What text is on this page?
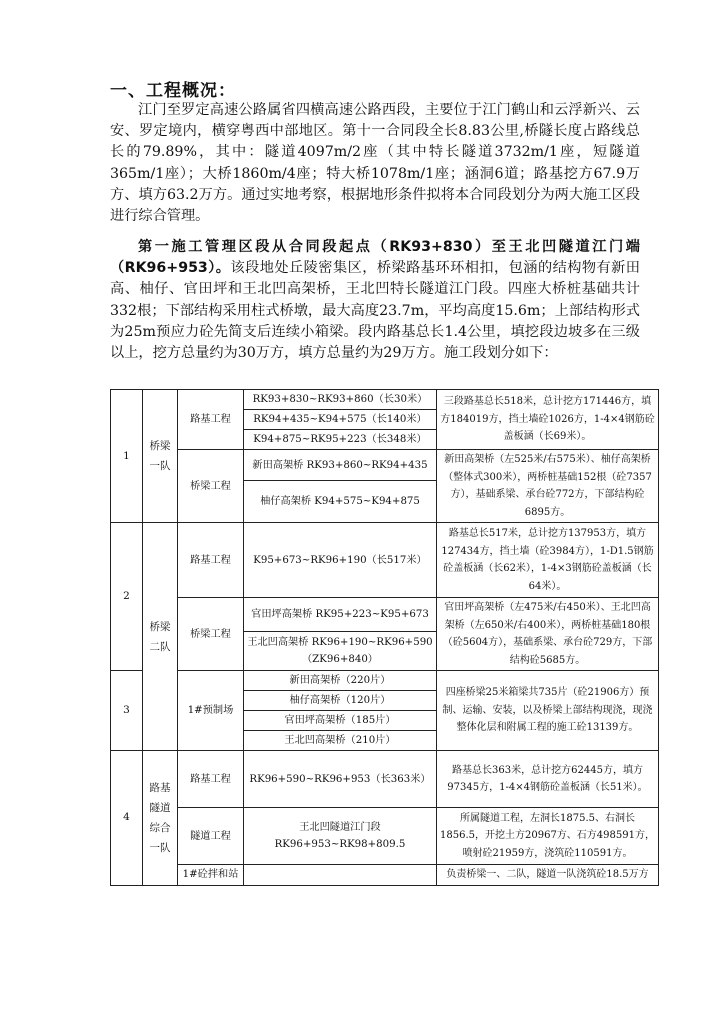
一、工程概况：
江门至罗定高速公路属省四横高速公路西段，主要位于江门鹤山和云浮新兴、云安、罗定境内，横穿粤西中部地区。第十一合同段全长8.83公里,桥隧长度占路线总长的79.89%，其中：隧道4097m/2座（其中特长隧道3732m/1座，短隧道365m/1座）；大桥1860m/4座；特大桥1078m/1座；涵洞6道；路基挖方67.9万方、填方63.2万方。通过实地考察，根据地形条件拟将本合同段划分为两大施工区段进行综合管理。
第一施工管理区段从合同段起点（RK93+830）至王北凹隧道江门端（RK96+953）。该段地处丘陵密集区，桥梁路基环环相扣，包涵的结构物有新田高、柚仔、官田坪和王北凹高架桥，王北凹特长隧道江门段。四座大桥桩基础共计332根；下部结构采用柱式桥墩，最大高度23.7m，平均高度15.6m；上部结构形式为25m预应力砼先简支后连续小箱梁。段内路基总长1.4公里，填挖段边坡多在三级以上，挖方总量约为30万方，填方总量约为29万方。施工段划分如下：
1	桥梁一队	路基工程	RK93+830~RK93+860（长30米）	三段路基总长518米，总计挖方171446方，填方184019方，挡土墙砼1026方，1-4×4钢筋砼盖板涵（长69米）。
			RK94+435~K94+575（长140米）	
			K94+875~RK95+223（长348米）	
		桥梁工程	新田高架桥 RK93+860~RK94+435	新田高架桥（左525米/右575米）、柚仔高架桥（整体式300米），两桥桩基础152根（砼7357方），基础系梁、承台砼772方，下部结构砼6895方。
			柚仔高架桥 K94+575~K94+875	
2	桥梁二队	路基工程	K95+673~RK96+190（长517米）	路基总长517米，总计挖方137953方，填方127434方，挡土墙（砼3984方），1-D1.5钢筋砼盖板涵（长62米），1-4×3钢筋砼盖板涵（长64米）。
		桥梁工程	官田坪高架桥 RK95+223~K95+673	官田坪高架桥（左475米/右450米）、王北凹高架桥（左650米/右400米），两桥桩基础180根（砼5604方），基础系梁、承台砼729方，下部结构砼5685方。
			王北凹高架桥 RK96+190~RK96+590（ZK96+840）	
3		1#预制场	新田高架桥（220片）	四座桥梁25米箱梁共735片（砼21906方）预制、运输、安装，以及桥梁上部结构现浇，现浇整体化层和附属工程的施工砼13139方。
			柚仔高架桥（120片）	
			官田坪高架桥（185片）	
			王北凹高架桥（210片）	
4	路基隧道综合一队	路基工程	RK96+590~RK96+953（长363米）	路基总长363米，总计挖方62445方，填方97345方，1-4×4钢筋砼盖板涵（长51米）。
		隧道工程	王北凹隧道江门段 RK96+953~RK98+809.5	所属隧道工程，左洞长1875.5、右洞长1856.5，开挖土方20967方、石方498591方，喷射砼21959方，浇筑砼110591方。
		1#砼拌和站		负责桥梁一、二队，隧道一队浇筑砼18.5万方
